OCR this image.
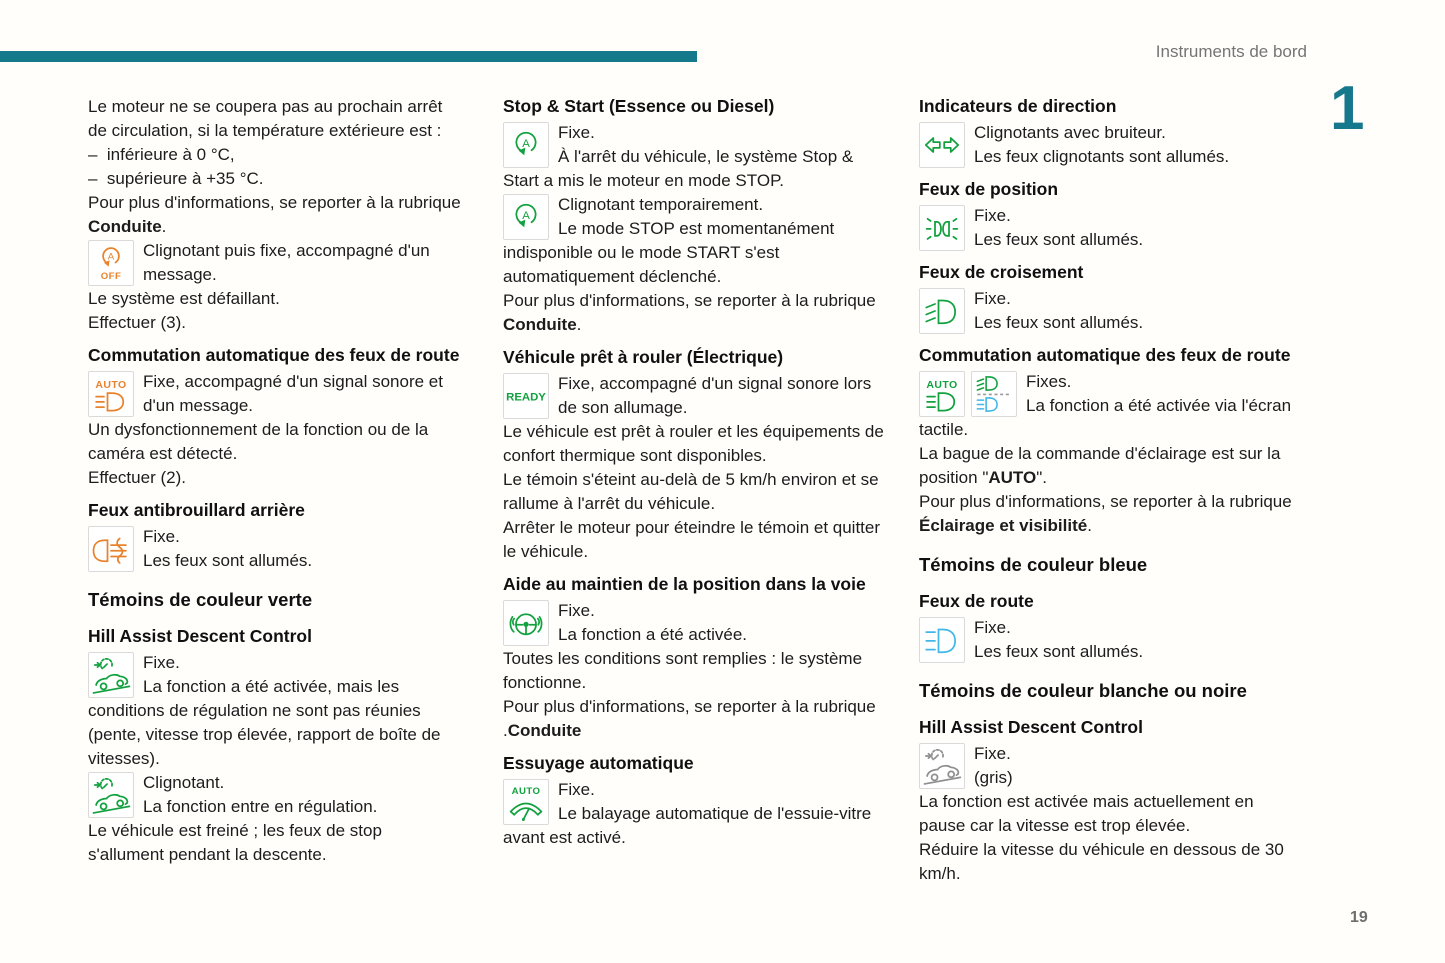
Instruments de bord
1
19

Le moteur ne se coupera pas au prochain arrêt de circulation, si la température extérieure est :

–  inférieure à 0 °C,

–  supérieure à +35 °C.

Pour plus d'informations, se reporter à la rubrique Conduite.

A
OFF
Clignotant puis fixe, accompagné d'un message.

Le système est défaillant.

Effectuer (3).

Commutation automatique des feux de route
AUTO Fixe, accompagné d'un signal sonore et d'un message.

Un dysfonctionnement de la fonction ou de la caméra est détecté.

Effectuer (2).

Feux antibrouillard arrière
Fixe.
Les feux sont allumés.
Témoins de couleur verte
Hill Assist Descent Control
Fixe.
La fonction a été activée, mais les conditions de régulation ne sont pas réunies (pente, vitesse trop élevée, rapport de boîte de vitesses).
Clignotant.
La fonction entre en régulation.

Le véhicule est freiné ; les feux de stop s'allument pendant la descente.

Stop & Start (Essence ou Diesel)
A
Fixe.
À l'arrêt du véhicule, le système Stop & Start a mis le moteur en mode STOP.
A
Clignotant temporairement.
Le mode STOP est momentanément indisponible ou le mode START s'est automatiquement déclenché.

Pour plus d'informations, se reporter à la rubrique Conduite.

Véhicule prêt à rouler (Électrique)
READY
Fixe, accompagné d'un signal sonore lors de son allumage.

Le véhicule est prêt à rouler et les équipements de confort thermique sont disponibles.

Le témoin s'éteint au-delà de 5 km/h environ et se rallume à l'arrêt du véhicule.

Arrêter le moteur pour éteindre le témoin et quitter le véhicule.

Aide au maintien de la position dans la voie
Fixe.
La fonction a été activée.

Toutes les conditions sont remplies : le système fonctionne.

Pour plus d'informations, se reporter à la rubrique .Conduite

Essuyage automatique
AUTO	Fixe.
Le balayage automatique de l'essuie-vitre avant est activé.
Indicateurs de direction
Clignotants avec bruiteur.
Les feux clignotants sont allumés.
Feux de position
Fixe.
Les feux sont allumés.
Feux de croisement
Fixe.
Les feux sont allumés.
Commutation automatique des feux de route
AUTO	Fixes.
La fonction a été activée via l'écran tactile.

La bague de la commande d'éclairage est sur la position "AUTO".

Pour plus d'informations, se reporter à la rubrique Éclairage et visibilité.

Témoins de couleur bleue
Feux de route
Fixe.
Les feux sont allumés.
Témoins de couleur blanche ou noire
Hill Assist Descent Control
Fixe.
(gris)

La fonction est activée mais actuellement en pause car la vitesse est trop élevée.

Réduire la vitesse du véhicule en dessous de 30 km/h.
